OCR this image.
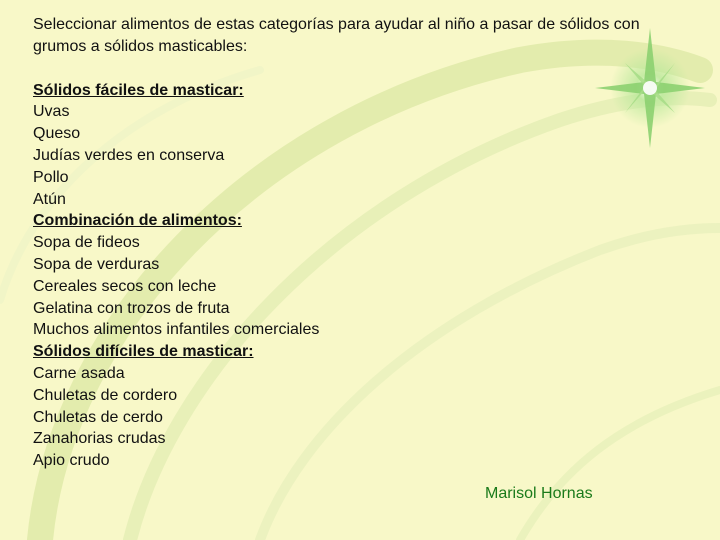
Seleccionar alimentos de estas categorías para ayudar al niño a pasar de sólidos con grumos a sólidos masticables:
Sólidos fáciles de masticar:
Uvas
Queso
Judías verdes en conserva
Pollo
Atún
Combinación de alimentos:
Sopa de fideos
Sopa de verduras
Cereales secos con leche
Gelatina con trozos de fruta
Muchos alimentos infantiles comerciales
Sólidos difíciles de masticar:
Carne asada
Chuletas de cordero
Chuletas de cerdo
Zanahorias crudas
Apio crudo
Marisol Hornas
